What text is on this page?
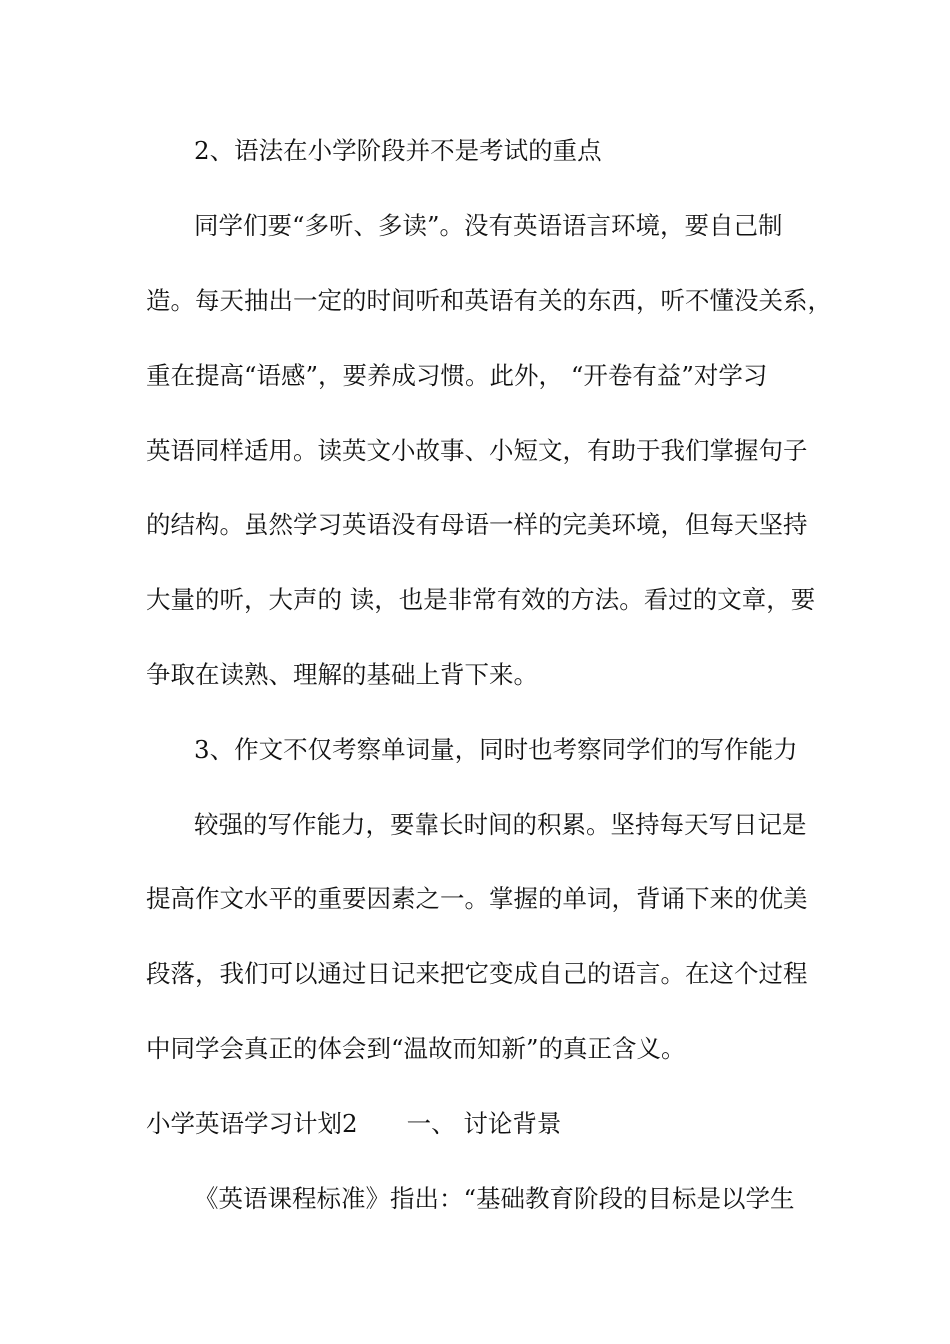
2、语法在小学阶段并不是考试的重点
同学们要“多听、多读”。没有英语语言环境，要自己制
造。每天抽出一定的时间听和英语有关的东西，听不懂没关系，
重在提高“语感”，要养成习惯。此外， “开卷有益”对学习
英语同样适用。读英文小故事、小短文，有助于我们掌握句子
的结构。虽然学习英语没有母语一样的完美环境，但每天坚持
大量的听，大声的 读，也是非常有效的方法。看过的文章，要
争取在读熟、理解的基础上背下来。
3、作文不仅考察单词量，同时也考察同学们的写作能力
较强的写作能力，要靠长时间的积累。坚持每天写日记是
提高作文水平的重要因素之一。掌握的单词，背诵下来的优美
段落，我们可以通过日记来把它变成自己的语言。在这个过程
中同学会真正的体会到“温故而知新”的真正含义。
小学英语学习计划2　　一、 讨论背景
《英语课程标准》指出：“基础教育阶段的目标是以学生
